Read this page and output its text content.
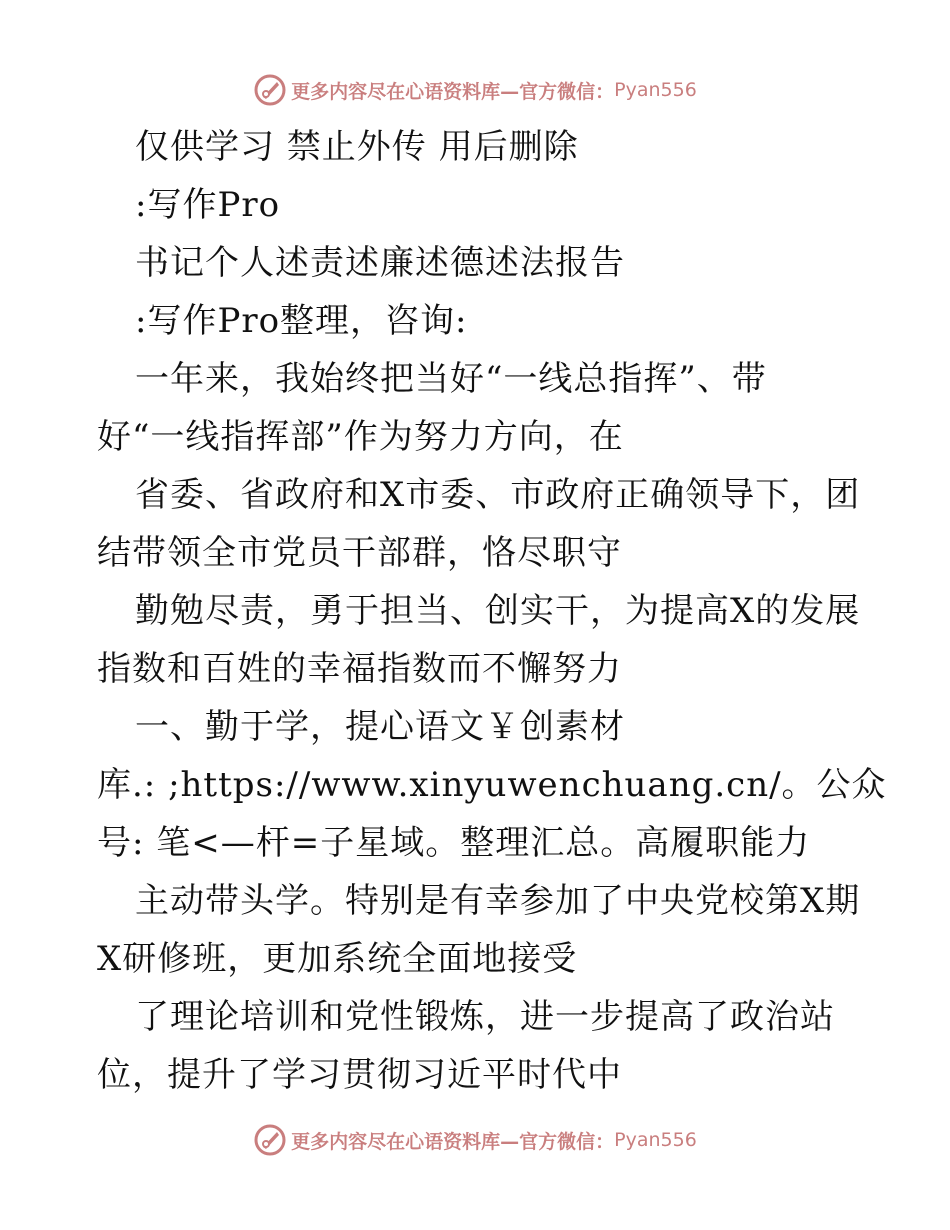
更多内容尽在心语资料库—官方微信： Pyan556
仅供学习 禁止外传 用后删除
:写作Pro
书记个人述责述廉述德述法报告
:写作Pro整理，咨询:
一年来，我始终把当好“一线总指挥”、带
好“一线指挥部”作为努力方向，在
省委、省政府和X市委、市政府正确领导下，团
结带领全市党员干部群，恪尽职守
勤勉尽责，勇于担当、创实干，为提高X的发展
指数和百姓的幸福指数而不懈努力
一、勤于学，提心语文￥创素材
库.: ;https://www.xinyuwenchuang.cn/。公众
号: 笔<—杆=子星域。整理汇总。高履职能力
主动带头学。特别是有幸参加了中央党校第X期
X研修班，更加系统全面地接受
了理论培训和党性锻炼，进一步提高了政治站
位，提升了学习贯彻习近平时代中
更多内容尽在心语资料库—官方微信： Pyan556
